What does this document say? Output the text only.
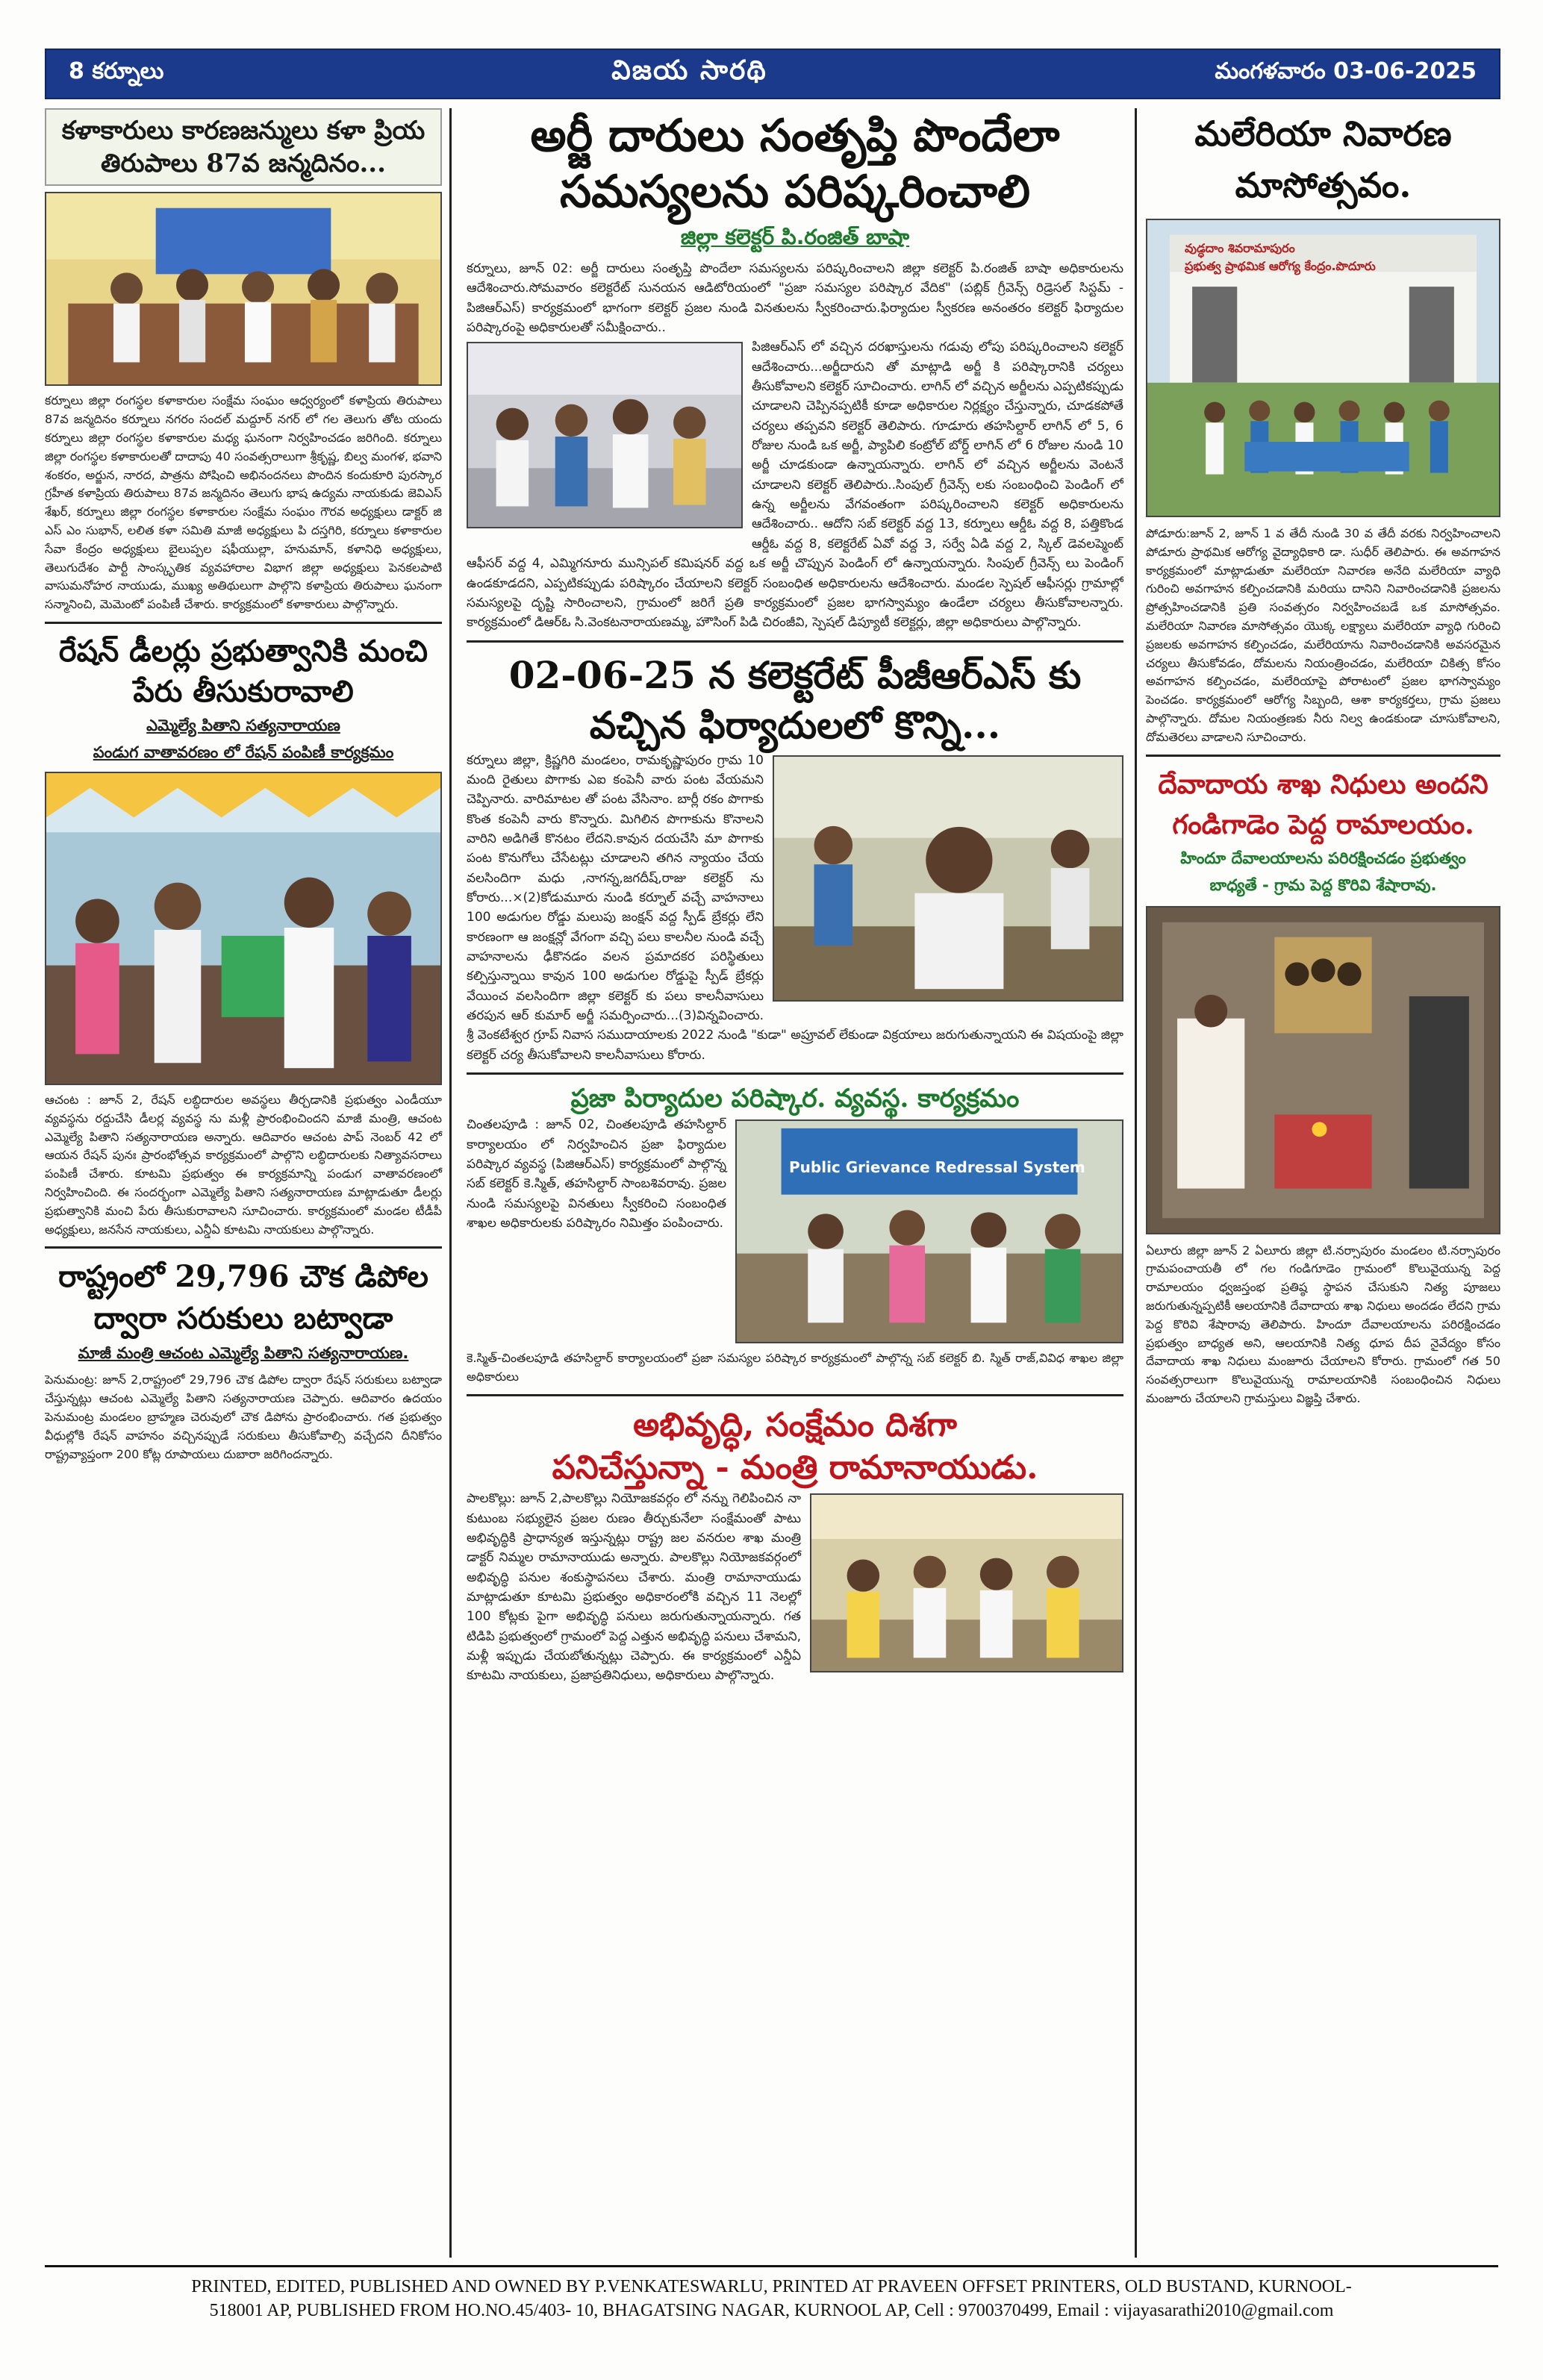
8 కర్నూలు	విజయ సారథి	మంగళవారం 03-06-2025
కళాకారులు కారణజన్ములు కళా ప్రియ తిరుపాలు 87వ జన్మదినం...
కర్నూలు జిల్లా రంగస్థల కళాకారుల సంక్షేమ సంఘం ఆధ్వర్యంలో కళాప్రియ తిరుపాలు 87వ జన్మదినం కర్నూలు నగరం సందల్ మద్దూర్ నగర్ లో గల తెలుగు తోట యందు కర్నూలు జిల్లా రంగస్థల కళాకారుల మధ్య ఘనంగా నిర్వహించడం జరిగింది. కర్నూలు జిల్లా రంగస్థల కళాకారులతో దాదాపు 40 సంవత్సరాలుగా శ్రీకృష్ణ, బిల్వ మంగళ, భవాని శంకరం, అర్జున, నారద, పాత్రను పోషించి అభినందనలు పొందిన కందుకూరి పురస్కార గ్రహీత కళాప్రియ తిరుపాలు 87వ జన్మదినం తెలుగు భాష ఉద్యమ నాయకుడు జెవిఎస్ శేఖర్, కర్నూలు జిల్లా రంగస్థల కళాకారుల సంక్షేమ సంఘం గౌరవ అధ్యక్షులు డాక్టర్ జి ఎస్ ఎం సుభాన్, లలిత కళా సమితి మాజీ అధ్యక్షులు పి దస్తగిరి, కర్నూలు కళాకారుల సేవా కేంద్రం అధ్యక్షులు బైలుప్పల షఫీయుల్లా, హనుమాన్, కళానిధి అధ్యక్షులు, తెలుగుదేశం పార్టీ సాంస్కృతిక వ్యవహారాల విభాగ జిల్లా అధ్యక్షులు పెనకలపాటి వాసుమనోహర నాయుడు, ముఖ్య అతిథులుగా పాల్గొని కళాప్రియ తిరుపాలు ఘనంగా సన్మానించి, మెమెంటో పంపిణీ చేశారు. కార్యక్రమంలో కళాకారులు పాల్గొన్నారు.
రేషన్ డీలర్లు ప్రభుత్వానికి మంచి పేరు తీసుకురావాలి
ఎమ్మెల్యే పితాని సత్యనారాయణ
పండుగ వాతావరణం లో రేషన్ పంపిణీ కార్యక్రమం
ఆచంట : జూన్ 2, రేషన్ లబ్ధిదారుల అవస్థలు తీర్చడానికి ప్రభుత్వం ఎండీయూ వ్యవస్థను రద్దుచేసి డీలర్ల వ్యవస్థ ను మళ్లీ ప్రారంభించిందని మాజీ మంత్రి, ఆచంట ఎమ్మెల్యే పితాని సత్యనారాయణ అన్నారు. ఆదివారం ఆచంట పాప్ నెంబర్ 42 లో ఆయన రేషన్ పునః ప్రారంభోత్సవ కార్యక్రమంలో పాల్గొని లబ్ధిదారులకు నిత్యావసరాలు పంపిణీ చేశారు. కూటమి ప్రభుత్వం ఈ కార్యక్రమాన్ని పండుగ వాతావరణంలో నిర్వహించింది. ఈ సందర్భంగా ఎమ్మెల్యే పితాని సత్యనారాయణ మాట్లాడుతూ డీలర్లు ప్రభుత్వానికి మంచి పేరు తీసుకురావాలని సూచించారు. కార్యక్రమంలో మండల టీడీపీ అధ్యక్షులు, జనసేన నాయకులు, ఎన్డీఏ కూటమి నాయకులు పాల్గొన్నారు.
రాష్ట్రంలో 29,796 చౌక డిపోల ద్వారా సరుకులు బట్వాడా
మాజీ మంత్రి ఆచంట ఎమ్మెల్యే పితాని సత్యనారాయణ.
పెనుమంట్ర: జూన్ 2,రాష్ట్రంలో 29,796 చౌక డిపోల ద్వారా రేషన్ సరుకులు బట్వాడా చేస్తున్నట్లు ఆచంట ఎమ్మెల్యే పితాని సత్యనారాయణ చెప్పారు. ఆదివారం ఉదయం పెనుమంట్ర మండలం బ్రాహ్మణ చెరువులో చౌక డిపోను ప్రారంభించారు. గత ప్రభుత్వం వీధుల్లోకి రేషన్ వాహనం వచ్చినప్పుడే సరుకులు తీసుకోవాల్సి వచ్చేదని దీనికోసం రాష్ట్రవ్యాప్తంగా 200 కోట్ల రూపాయలు దుబారా జరిగిందన్నారు.
అర్జీ దారులు సంతృప్తి పొందేలా సమస్యలను పరిష్కరించాలి
జిల్లా కలెక్టర్ పి.రంజిత్ బాషా
కర్నూలు, జూన్ 02: అర్జీ దారులు సంతృప్తి పొందేలా సమస్యలను పరిష్కరించాలని జిల్లా కలెక్టర్ పి.రంజిత్ బాషా అధికారులను ఆదేశించారు.సోమవారం కలెక్టరేట్ సునయన ఆడిటోరియంలో "ప్రజా సమస్యల పరిష్కార వేదిక" (పబ్లిక్ గ్రీవెన్స్ రిడ్రెసల్ సిస్టమ్ - పిజిఆర్ఎస్) కార్యక్రమంలో భాగంగా కలెక్టర్ ప్రజల నుండి వినతులను స్వీకరించారు.ఫిర్యాదుల స్వీకరణ అనంతరం కలెక్టర్ ఫిర్యాదుల పరిష్కారంపై అధికారులతో సమీక్షించారు..
పిజిఆర్ఎస్ లో వచ్చిన దరఖాస్తులను గడువు లోపు పరిష్కరించాలని కలెక్టర్ ఆదేశించారు...అర్జీదారుని తో మాట్లాడి అర్జీ కి పరిష్కారానికి చర్యలు తీసుకోవాలని కలెక్టర్ సూచించారు. లాగిన్ లో వచ్చిన అర్జీలను ఎప్పటికప్పుడు చూడాలని చెప్పినప్పటికీ కూడా అధికారుల నిర్లక్ష్యం చేస్తున్నారు, చూడకపోతే చర్యలు తప్పవని కలెక్టర్ తెలిపారు. గూడూరు తహసిల్దార్ లాగిన్ లో 5, 6 రోజుల నుండి ఒక అర్జీ, ప్యాపిలి కంట్రోల్ బోర్డ్ లాగిన్ లో 6 రోజుల నుండి 10 అర్జీ చూడకుండా ఉన్నాయన్నారు. లాగిన్ లో వచ్చిన అర్జీలను వెంటనే చూడాలని కలెక్టర్ తెలిపారు..సింపుల్ గ్రీవెన్స్ లకు సంబంధించి పెండింగ్ లో ఉన్న అర్జీలను వేగవంతంగా పరిష్కరించాలని కలెక్టర్ అధికారులను ఆదేశించారు.. ఆదోని సబ్ కలెక్టర్ వద్ద 13, కర్నూలు ఆర్డీఓ వద్ద 8, పత్తికొండ ఆర్డీఓ వద్ద 8, కలెక్టరేట్ ఏవో వద్ద 3, సర్వే ఏడి వద్ద 2, స్కిల్ డెవలప్మెంట్ ఆఫీసర్ వద్ద 4, ఎమ్మిగనూరు మున్సిపల్ కమిషనర్ వద్ద ఒక అర్జీ చొప్పున పెండింగ్ లో ఉన్నాయన్నారు. సింపుల్ గ్రీవెన్స్ లు పెండింగ్ ఉండకూడదని, ఎప్పటికప్పుడు పరిష్కారం చేయాలని కలెక్టర్ సంబంధిత అధికారులను ఆదేశించారు. మండల స్పెషల్ ఆఫీసర్లు గ్రామాల్లో సమస్యలపై దృష్టి సారించాలని, గ్రామంలో జరిగే ప్రతి కార్యక్రమంలో ప్రజల భాగస్వామ్యం ఉండేలా చర్యలు తీసుకోవాలన్నారు. కార్యక్రమంలో డిఆర్ఓ సి.వెంకటనారాయణమ్మ, హౌసింగ్ పిడి చిరంజీవి, స్పెషల్ డిప్యూటీ కలెక్టర్లు, జిల్లా అధికారులు పాల్గొన్నారు.
02-06-25 న కలెక్టరేట్ పీజీఆర్ఎస్ కు వచ్చిన ఫిర్యాదులలో కొన్ని...
కర్నూలు జిల్లా, క్రిష్ణగిరి మండలం, రామకృష్ణాపురం గ్రామ 10 మంది రైతులు పొగాకు ఎఐ కంపెనీ వారు పంట వేయమని చెప్పినారు. వారిమాటల తో పంట వేసినాం. బార్లీ రకం పొగాకు కొంత కంపెనీ వారు కొన్నారు. మిగిలిన పొగాకును కొనాలని వారిని అడిగితే కొనటం లేదని.కావున దయచేసి మా పొగాకు పంట కొనుగోలు చేసేటట్లు చూడాలని తగిన న్యాయం చేయ వలసిందిగా మధు ,నాగన్న,జగదీష్,రాజు కలెక్టర్ ను కోరారు...×(2)కోడుమూరు నుండి కర్నూల్ వచ్చే వాహనాలు 100 అడుగుల రోడ్డు మలుపు జంక్షన్ వద్ద స్పీడ్ బ్రేకర్లు లేని కారణంగా ఆ జంక్షన్లో వేగంగా వచ్చి పలు కాలనీల నుండి వచ్చే వాహనాలను ఢీకొనడం వలన ప్రమాదకర పరిస్థితులు కల్పిస్తున్నాయి కావున 100 అడుగుల రోడ్డుపై స్పీడ్ బ్రేకర్లు వేయించ వలసిందిగా జిల్లా కలెక్టర్ కు పలు కాలనీవాసులు తరపున ఆర్ కుమార్ అర్జీ సమర్పించారు...(3)విన్నవించారు. శ్రీ వెంకటేశ్వర గ్రూప్ నివాస సముదాయాలకు 2022 నుండి "కుడా" అప్రూవల్ లేకుండా విక్రయాలు జరుగుతున్నాయని ఈ విషయంపై జిల్లా కలెక్టర్ చర్య తీసుకోవాలని కాలనీవాసులు కోరారు.
ప్రజా పిర్యాదుల పరిష్కార. వ్యవస్థ. కార్యక్రమం
Public Grievance Redressal System
చింతలపూడి : జూన్ 02, చింతలపూడి తహసిల్దార్ కార్యాలయం లో నిర్వహించిన ప్రజా ఫిర్యాదుల పరిష్కార వ్యవస్థ (పిజిఆర్ఎస్) కార్యక్రమంలో పాల్గొన్న సబ్ కలెక్టర్ కె.స్మిత్, తహసిల్దార్ సాంబశివరావు. ప్రజల నుండి సమస్యలపై వినతులు స్వీకరించి సంబంధిత శాఖల అధికారులకు పరిష్కారం నిమిత్తం పంపించారు.
కె.స్మిత్-చింతలపూడి తహసిల్దార్ కార్యాలయంలో ప్రజా సమస్యల పరిష్కార కార్యక్రమంలో పాల్గొన్న సబ్ కలెక్టర్ బి. స్మిత్ రాజ్,వివిధ శాఖల జిల్లా అధికారులు
అభివృద్ధి, సంక్షేమం దిశగా
పనిచేస్తున్నా - మంత్రి రామానాయుడు.
పాలకొల్లు: జూన్ 2,పాలకొల్లు నియోజకవర్గం లో నన్ను గెలిపించిన నా కుటుంబ సభ్యులైన ప్రజల రుణం తీర్చుకునేలా సంక్షేమంతో పాటు అభివృద్ధికి ప్రాధాన్యత ఇస్తున్నట్లు రాష్ట్ర జల వనరుల శాఖ మంత్రి డాక్టర్ నిమ్మల రామానాయుడు అన్నారు. పాలకొల్లు నియోజకవర్గంలో అభివృద్ధి పనుల శంకుస్థాపనలు చేశారు. మంత్రి రామానాయుడు మాట్లాడుతూ కూటమి ప్రభుత్వం అధికారంలోకి వచ్చిన 11 నెలల్లో 100 కోట్లకు పైగా అభివృద్ధి పనులు జరుగుతున్నాయన్నారు. గత టిడిపి ప్రభుత్వంలో గ్రామంలో పెద్ద ఎత్తున అభివృద్ధి పనులు చేశామని, మళ్లీ ఇప్పుడు చేయబోతున్నట్లు చెప్పారు. ఈ కార్యక్రమంలో ఎన్డీఏ కూటమి నాయకులు, ప్రజాప్రతినిధులు, అధికారులు పాల్గొన్నారు.
మలేరియా నివారణ మాసోత్సవం.
వుడ్ధదాం శివరామాపురం
ప్రభుత్వ ప్రాథమిక ఆరోగ్య కేంద్రం.పొదూరు
పోడూరు:జూన్ 2, జూన్ 1 వ తేదీ నుండి 30 వ తేదీ వరకు నిర్వహించాలని పోడూరు ప్రాథమిక ఆరోగ్య వైద్యాధికారి డా. సుధీర్ తెలిపారు. ఈ అవగాహన కార్యక్రమంలో మాట్లాడుతూ మలేరియా నివారణ అనేది మలేరియా వ్యాధి గురించి అవగాహన కల్పించడానికి మరియు దానిని నివారించడానికి ప్రజలను ప్రోత్సహించడానికి ప్రతి సంవత్సరం నిర్వహించబడే ఒక మాసోత్సవం. మలేరియా నివారణ మాసోత్సవం యొక్క లక్ష్యాలు మలేరియా వ్యాధి గురించి ప్రజలకు అవగాహన కల్పించడం, మలేరియాను నివారించడానికి అవసరమైన చర్యలు తీసుకోవడం, దోమలను నియంత్రించడం, మలేరియా చికిత్స కోసం అవగాహన కల్పించడం, మలేరియాపై పోరాటంలో ప్రజల భాగస్వామ్యం పెంచడం. కార్యక్రమంలో ఆరోగ్య సిబ్బంది, ఆశా కార్యకర్తలు, గ్రామ ప్రజలు పాల్గొన్నారు. దోమల నియంత్రణకు నీరు నిల్వ ఉండకుండా చూసుకోవాలని, దోమతెరలు వాడాలని సూచించారు.
దేవాదాయ శాఖ నిధులు అందని
గండిగాడెం పెద్ద రామాలయం.
హిందూ దేవాలయాలను పరిరక్షించడం ప్రభుత్వం
బాధ్యతే - గ్రామ పెద్ద కొరివి శేషారావు.
ఏలూరు జిల్లా జూన్ 2 ఏలూరు జిల్లా టి.నర్సాపురం మండలం టి.నర్సాపురం గ్రామపంచాయతీ లో గల గండిగూడెం గ్రామంలో కొలువైయున్న పెద్ద రామాలయం ధ్వజస్తంభ ప్రతిష్ఠ స్థాపన చేసుకుని నిత్య పూజలు జరుగుతున్నప్పటికీ ఆలయానికి దేవాదాయ శాఖ నిధులు అందడం లేదని గ్రామ పెద్ద కొరివి శేషారావు తెలిపారు. హిందూ దేవాలయాలను పరిరక్షించడం ప్రభుత్వం బాధ్యత అని, ఆలయానికి నిత్య ధూప దీప నైవేద్యం కోసం దేవాదాయ శాఖ నిధులు మంజూరు చేయాలని కోరారు. గ్రామంలో గత 50 సంవత్సరాలుగా కొలువైయున్న రామాలయానికి సంబంధించిన నిధులు మంజూరు చేయాలని గ్రామస్తులు విజ్ఞప్తి చేశారు.
PRINTED, EDITED, PUBLISHED AND OWNED BY P.VENKATESWARLU, PRINTED AT PRAVEEN OFFSET PRINTERS, OLD BUSTAND, KURNOOL-
518001 AP, PUBLISHED FROM HO.NO.45/403- 10, BHAGATSING NAGAR, KURNOOL AP, Cell : 9700370499, Email : vijayasarathi2010@gmail.com
